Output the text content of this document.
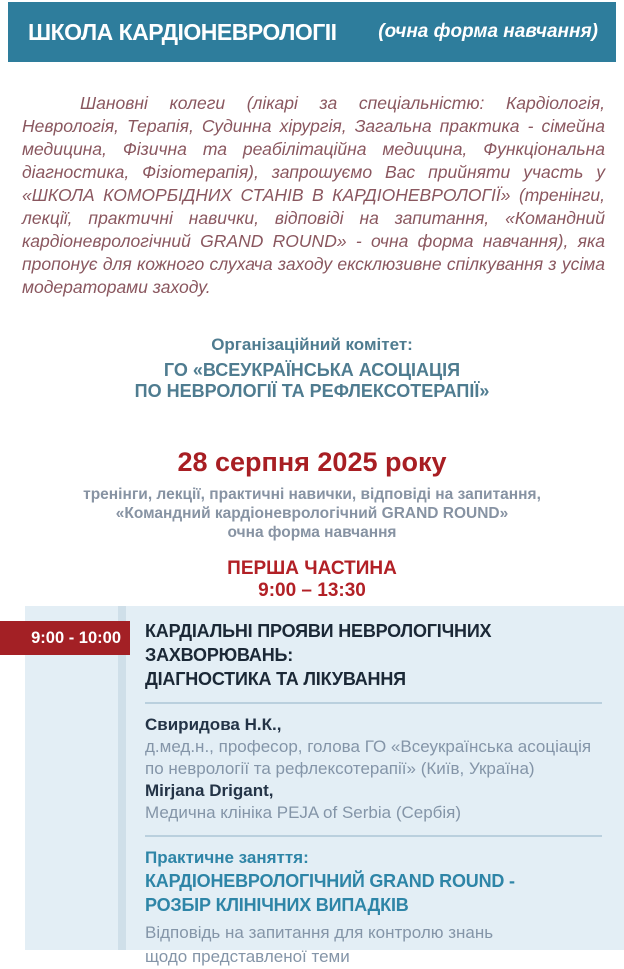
ШКОЛА КАРДІОНЕВРОЛОГІІ (очна форма навчання)

Шановні колеги (лікарі за спеціальністю: Кардіологія, Неврологія, Терапія, Судинна хірургія, Загальна практика - сімейна медицина, Фізична та реабілітаційна медицина, Функціональна діагностика, Фізіотерапія), запрошуємо Вас прийняти участь у «ШКОЛА КОМОРБІДНИХ СТАНІВ В КАРДІОНЕВРОЛОГІЇ» (тренінги, лекції, практичні навички, відповіді на запитання, «Командний кардіоневрологічний GRAND ROUND» - очна форма навчання), яка пропонує для кожного слухача заходу ексклюзивне спілкування з усіма модераторами заходу.

Організаційний комітет:
ГО «ВСЕУКРАЇНСЬКА АСОЦІАЦІЯ
ПО НЕВРОЛОГІЇ ТА РЕФЛЕКСОТЕРАПІЇ»
28 серпня 2025 року
тренінги, лекції, практичні навички, відповіді на запитання,
«Командний кардіоневрологічний GRAND ROUND»
очна форма навчання
ПЕРША ЧАСТИНА
9:00 – 13:30
9:00 - 10:00	КАРДІАЛЬНІ ПРОЯВИ НЕВРОЛОГІЧНИХ ЗАХВОРЮВАНЬ:
ДІАГНОСТИКА ТА ЛІКУВАННЯ
Свиридова Н.К.,
д.мед.н., професор, голова ГО «Всеукраїнська асоціація по неврології та рефлексотерапії» (Київ, Україна)
Mirjana Drigant,
Медична клініка PEJA of Serbia (Сербія)
Практичне заняття:
КАРДІОНЕВРОЛОГІЧНИЙ GRAND ROUND -
РОЗБІР КЛІНІЧНИХ ВИПАДКІВ
Відповідь на запитання для контролю знань
щодо представленої теми
